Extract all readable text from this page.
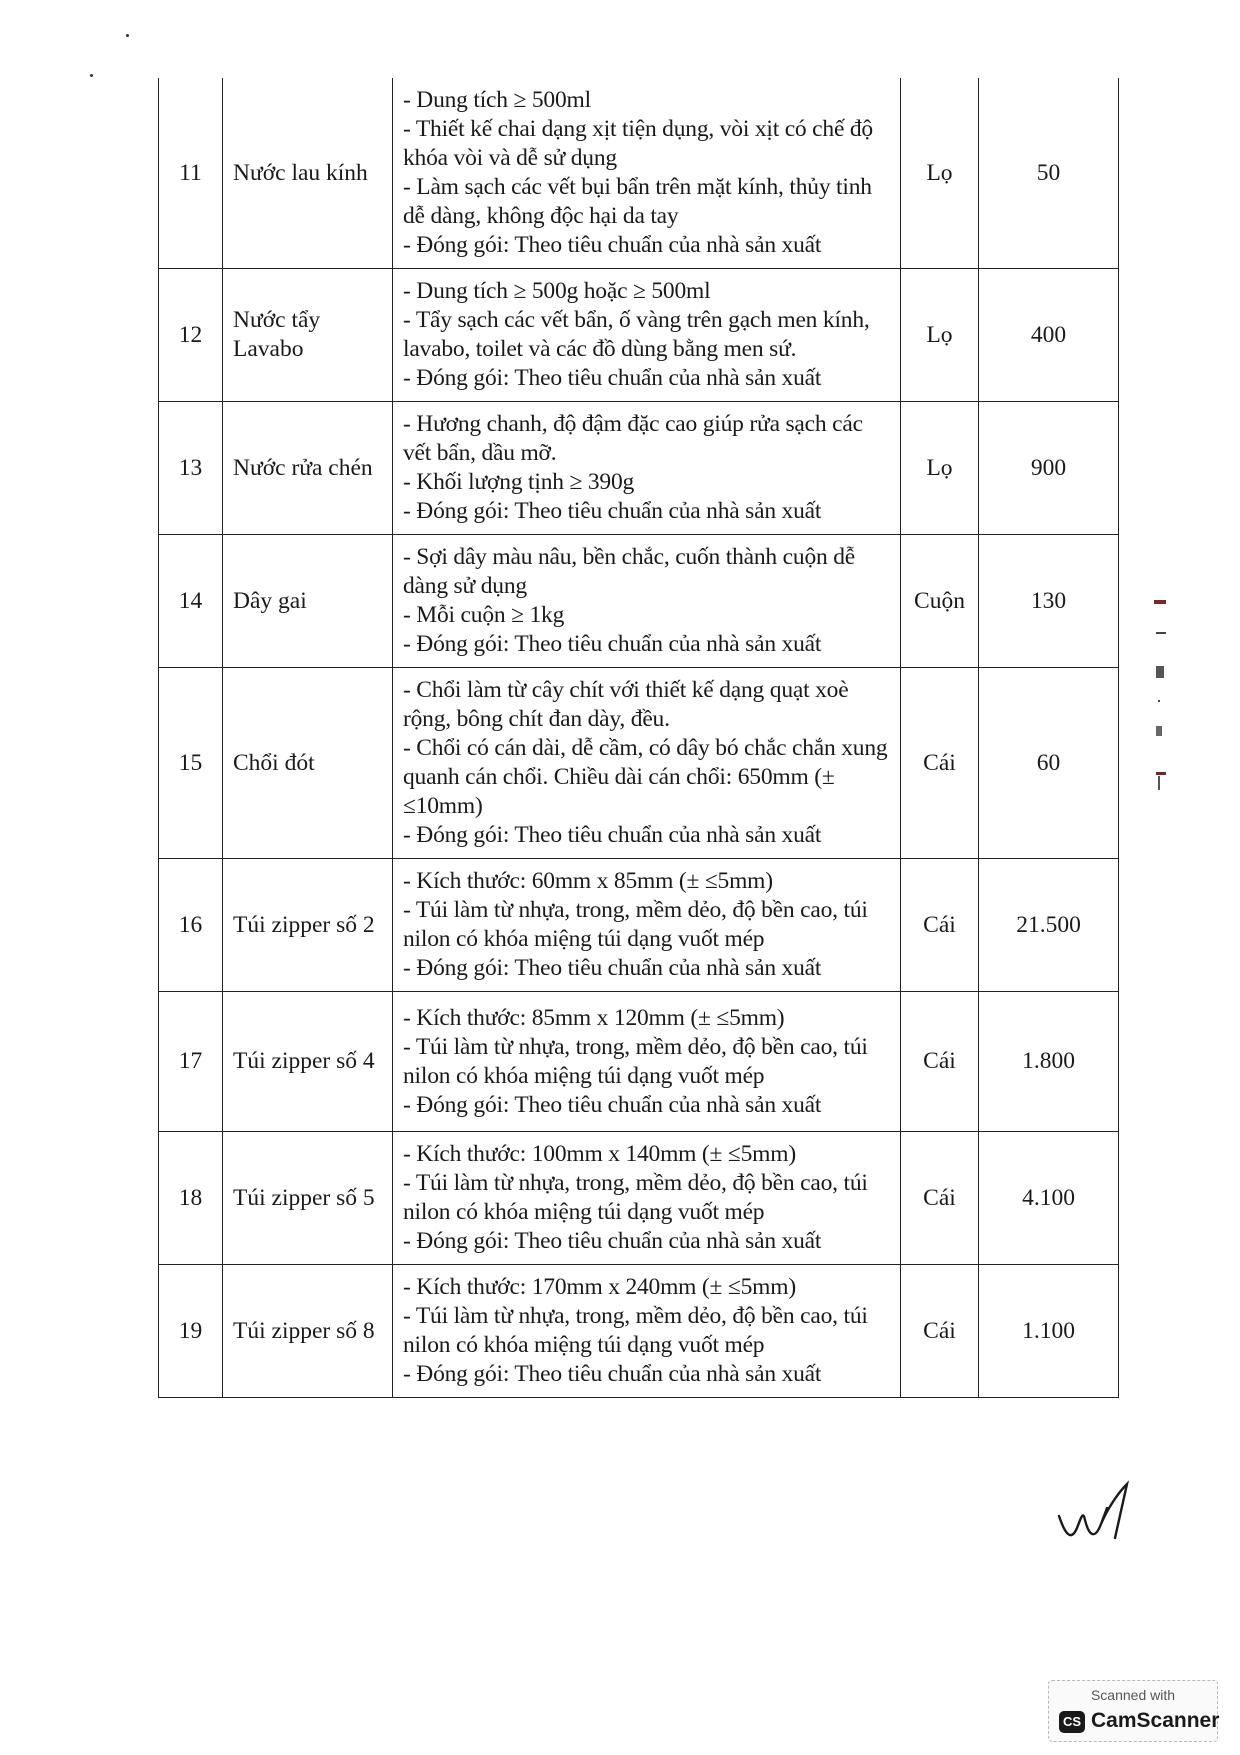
11	Nước lau kính	- Dung tích ≥ 500ml
- Thiết kế chai dạng xịt tiện dụng, vòi xịt có chế độ khóa vòi và dễ sử dụng
- Làm sạch các vết bụi bẩn trên mặt kính, thủy tinh dễ dàng, không độc hại da tay
- Đóng gói: Theo tiêu chuẩn của nhà sản xuất	Lọ	50
12	Nước tẩy Lavabo	- Dung tích ≥ 500g hoặc ≥ 500ml
- Tẩy sạch các vết bẩn, ố vàng trên gạch men kính, lavabo, toilet và các đồ dùng bằng men sứ.
- Đóng gói: Theo tiêu chuẩn của nhà sản xuất	Lọ	400
13	Nước rửa chén	- Hương chanh, độ đậm đặc cao giúp rửa sạch các vết bẩn, dầu mỡ.
- Khối lượng tịnh ≥ 390g
- Đóng gói: Theo tiêu chuẩn của nhà sản xuất	Lọ	900
14	Dây gai	- Sợi dây màu nâu, bền chắc, cuốn thành cuộn dễ dàng sử dụng
- Mỗi cuộn ≥ 1kg
- Đóng gói: Theo tiêu chuẩn của nhà sản xuất	Cuộn	130
15	Chổi đót	- Chổi làm từ cây chít với thiết kế dạng quạt xoè rộng, bông chít đan dày, đều.
- Chổi có cán dài, dễ cầm, có dây bó chắc chắn xung quanh cán chổi. Chiều dài cán chổi: 650mm (± ≤10mm)
- Đóng gói: Theo tiêu chuẩn của nhà sản xuất	Cái	60
16	Túi zipper số 2	- Kích thước: 60mm x 85mm (± ≤5mm)
- Túi làm từ nhựa, trong, mềm dẻo, độ bền cao, túi nilon có khóa miệng túi dạng vuốt mép
- Đóng gói: Theo tiêu chuẩn của nhà sản xuất	Cái	21.500
17	Túi zipper số 4	- Kích thước: 85mm x 120mm (± ≤5mm)
- Túi làm từ nhựa, trong, mềm dẻo, độ bền cao, túi nilon có khóa miệng túi dạng vuốt mép
- Đóng gói: Theo tiêu chuẩn của nhà sản xuất	Cái	1.800
18	Túi zipper số 5	- Kích thước: 100mm x 140mm (± ≤5mm)
- Túi làm từ nhựa, trong, mềm dẻo, độ bền cao, túi nilon có khóa miệng túi dạng vuốt mép
- Đóng gói: Theo tiêu chuẩn của nhà sản xuất	Cái	4.100
19	Túi zipper số 8	- Kích thước: 170mm x 240mm (± ≤5mm)
- Túi làm từ nhựa, trong, mềm dẻo, độ bền cao, túi nilon có khóa miệng túi dạng vuốt mép
- Đóng gói: Theo tiêu chuẩn của nhà sản xuất	Cái	1.100
Scanned with
CS CamScanner
